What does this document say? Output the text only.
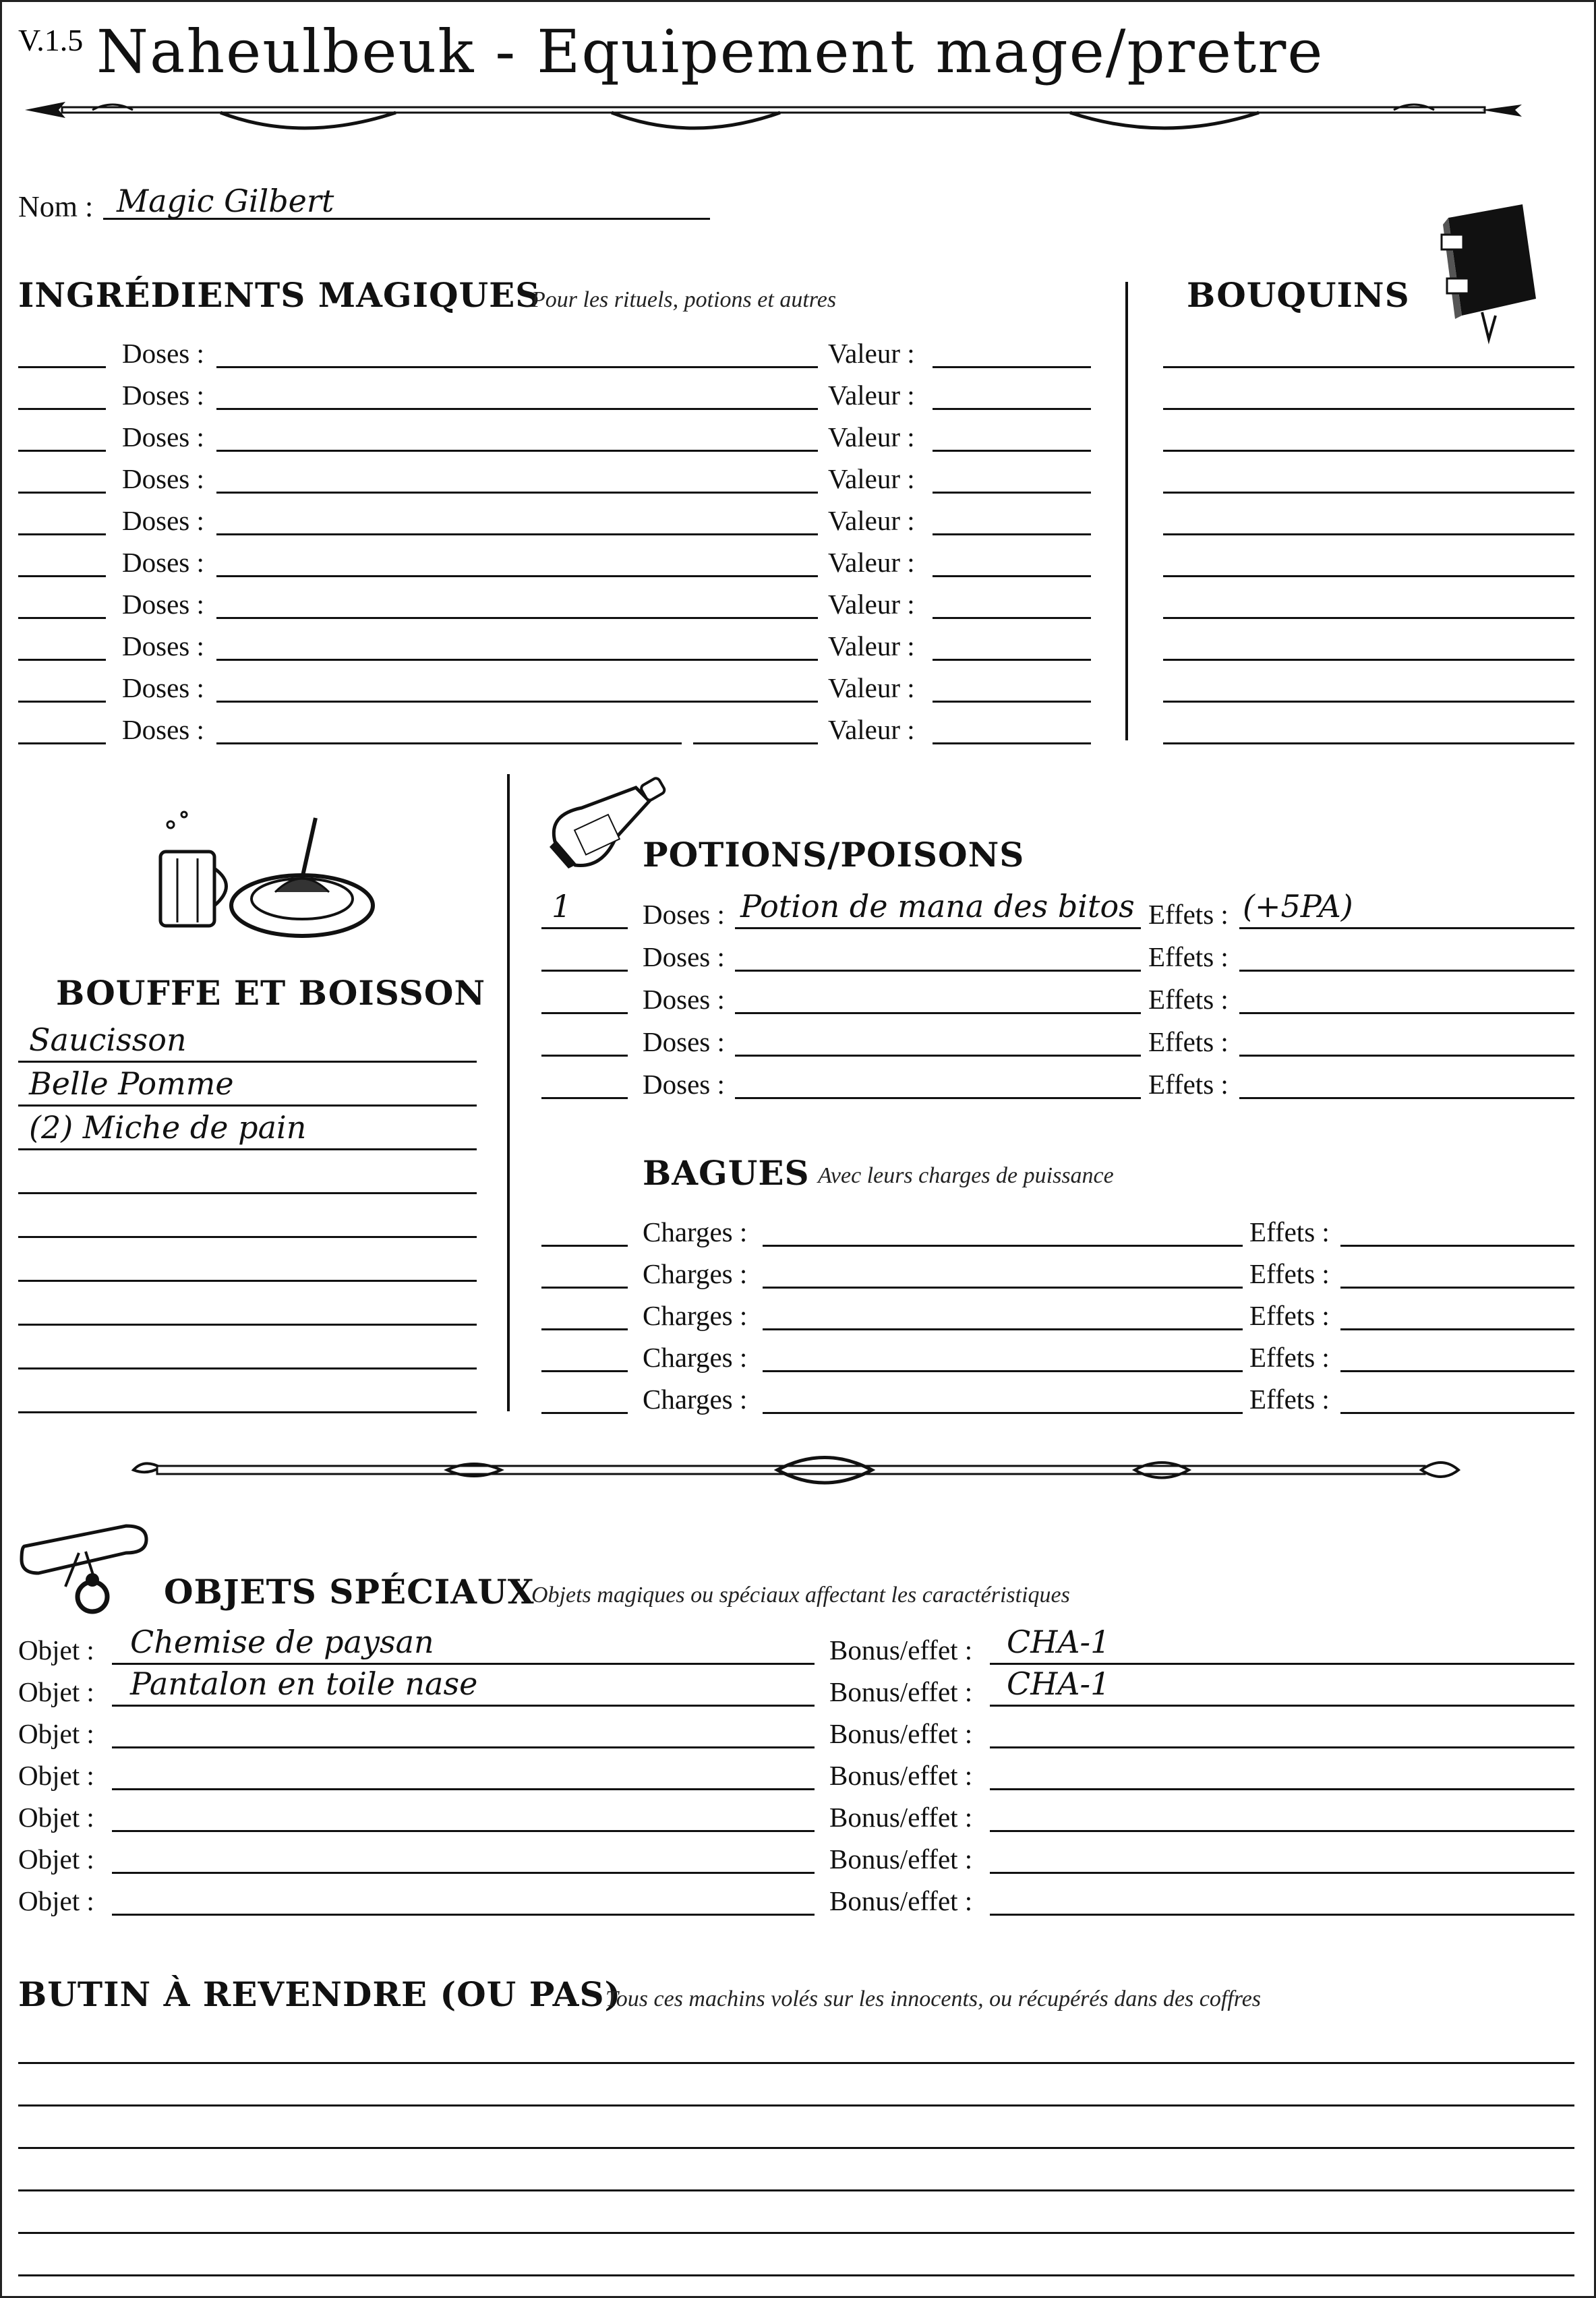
V.1.5 Naheulbeuk - Equipement mage/pretre
Nom : Magic Gilbert
INGRÉDIENTS MAGIQUES
Pour les rituels, potions et autres
Doses :	Valeur :
Doses :	Valeur :
Doses :	Valeur :
Doses :	Valeur :
Doses :	Valeur :
Doses :	Valeur :
Doses :	Valeur :
Doses :	Valeur :
Doses :	Valeur :
Doses :	Valeur :
BOUQUINS
BOUFFE ET BOISSON
Saucisson
Belle Pomme
(2) Miche de pain
POTIONS/POISONS
1	Doses : Potion de mana des bitos Effets : (+5PA)
Doses :	Effets :
Doses :	Effets :
Doses :	Effets :
Doses :	Effets :
BAGUES Avec leurs charges de puissance
Charges :	Effets :
Charges :	Effets :
Charges :	Effets :
Charges :	Effets :
Charges :	Effets :
OBJETS SPÉCIAUX
Objets magiques ou spéciaux affectant les caractéristiques
Objet : Chemise de paysan	Bonus/effet : CHA-1
Objet : Pantalon en toile nase	Bonus/effet : CHA-1
Objet :	Bonus/effet :
Objet :	Bonus/effet :
Objet :	Bonus/effet :
Objet :	Bonus/effet :
Objet :	Bonus/effet :
BUTIN À REVENDRE (OU PAS)
Tous ces machins volés sur les innocents, ou récupérés dans des coffres
